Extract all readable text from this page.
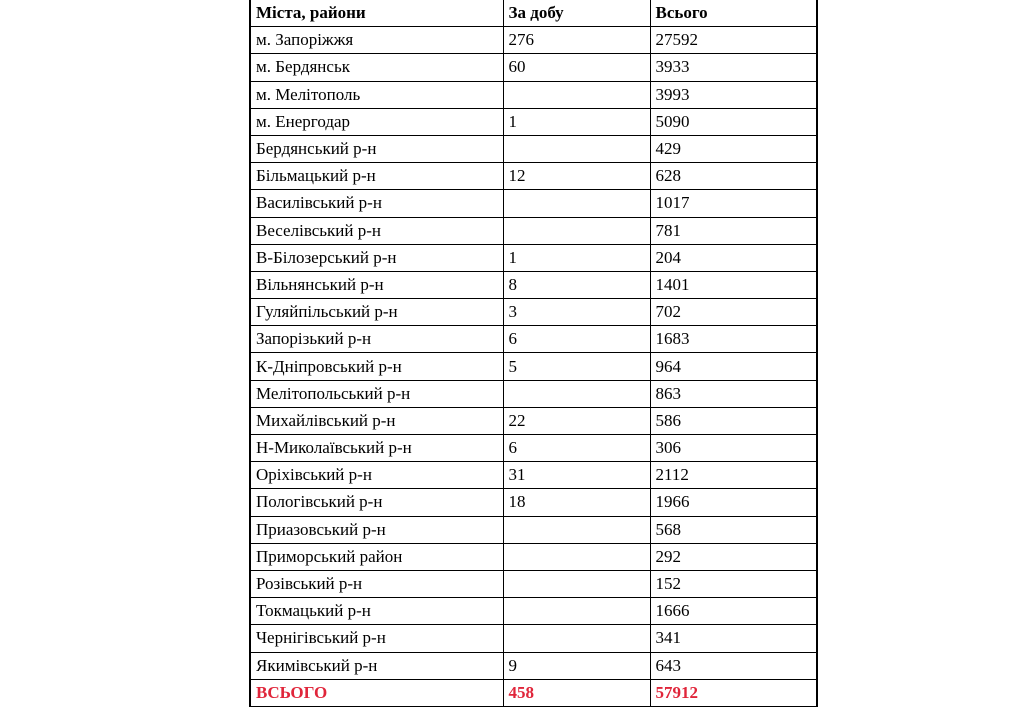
Міста, райони	За добу	Всього
м. Запоріжжя	276	27592
м. Бердянськ	60	3933
м. Мелітополь		3993
м. Енергодар	1	5090
Бердянський р-н		429
Більмацький р-н	12	628
Василівський р-н		1017
Веселівський р-н		781
В-Білозерський р-н	1	204
Вільнянський р-н	8	1401
Гуляйпільський р-н	3	702
Запорізький р-н	6	1683
К-Дніпровський р-н	5	964
Мелітопольський р-н		863
Михайлівський р-н	22	586
Н-Миколаївський р-н	6	306
Оріхівський р-н	31	2112
Пологівський р-н	18	1966
Приазовський р-н		568
Приморський район		292
Розівський р-н		152
Токмацький р-н		1666
Чернігівський р-н		341
Якимівський р-н	9	643
ВСЬОГО	458	57912
